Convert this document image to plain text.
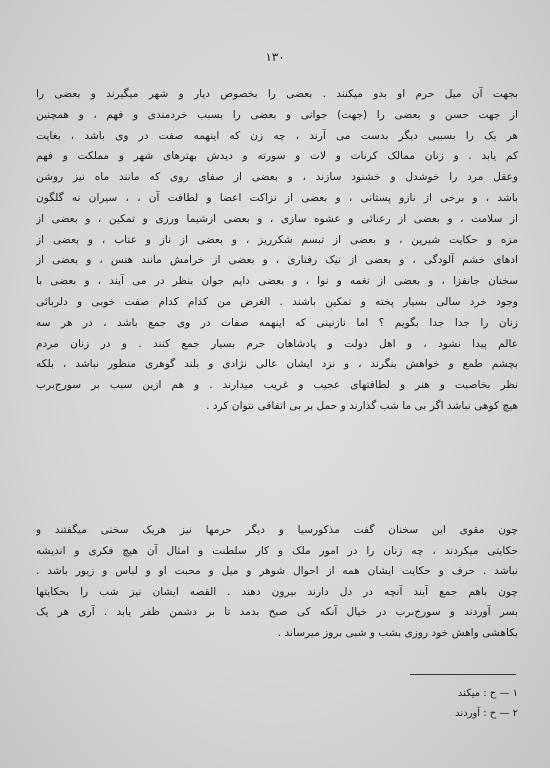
۱۳۰
بجهت آن میل حرم او بدو میکنند . بعضی را بخصوص دیار و شهر میگیرند و بعضی را
از جهت حسن و بعضی را (جهت) جوانی و بعضی را بسبب خردمندی و فهم ، و همچنین
هر یک را بسببی دیگر بدست می آرند ، چه زن که اینهمه صفت در وی باشد ، بغایت
کم یابد . و زنان ممالک کرنات و لات و سورته و دیدش بهترهای شهر و مملکت و فهم
وعقل مرد را خوشدل و خشنود سازند ، و بعضی از صفای روی که مانند ماه نیز روشن
باشد ، و برخی از نازو پستانی ، و بعضی از نزاکت اعضا و لطافت آن ، ، سیران نه گلگون
از سلامت ، و بعضی از رعنائی و عشوه سازی ، و بعضی ازشیما ورزی و تمکین ، و بعضی از
مزه و حکایت شیرین ، و بعضی از تبسم شکرریز ، و بعضی از ناز و عتاب ، و بعضی از
ادهای خشم آلودگی ، و بعضی از نیک رفتاری ، و بعضی از خرامش مانند هنس ، و بعضی از
سخنان جانفزا ، و بعضی از نغمه و نوا ، و بعضی دایم جوان بنظر در می آیند ، و بعضی با
وجود خرد سالی بسیار پخته و تمکین باشند . الغرض من کدام کدام صفت خوبی و دلربائی
زنان را جدا جدا بگویم ؟ اما نازنینی که اینهمه صفات در وی جمع باشد ، در هر سه
عالم پیدا نشود ، و اهل دولت و پادشاهان حرم بسیار جمع کنند . و در زنان مردم
بچشم طمع و خواهش بنگرند ، و نزد ایشان عالی نژادی و بلند گوهری منظور نباشد ، بلکه
نظر بخاصیت و هنر و لطافتهای عجیب و غریب میدارند . و هم ازین سبب بر سورج‌برب
هیچ کوهی نباشد اگر بی ما شب گذارند و حمل بر بی اتفاقی نتوان کرد .
چون مقوی این سخنان گفت مذکورسیا و دیگر حرمها نیز هریک سخنی میگفتند و
حکایتی میکردند ، چه زنان را در امور ملک و کار سلطنت و امثال آن هیچ فکری و اندیشه
نباشد . حرف و حکایت ایشان همه از احوال شوهر و میل و محبت او و لباس و زیور باشد .
چون باهم جمع آیند آنچه در دل دارند بیرون دهند . القصه ایشان نیز شب را بحکایتها
بسر آوردند و سورج‌برب در خیال آنکه کی صبح بدمد تا بر دشمن ظفر یابد . آری هر یک
بکاهشی واهش خود روزی بشب و شبی بروز میرساند .
۱ — ح : میکند
۲ — ح : آوردند
